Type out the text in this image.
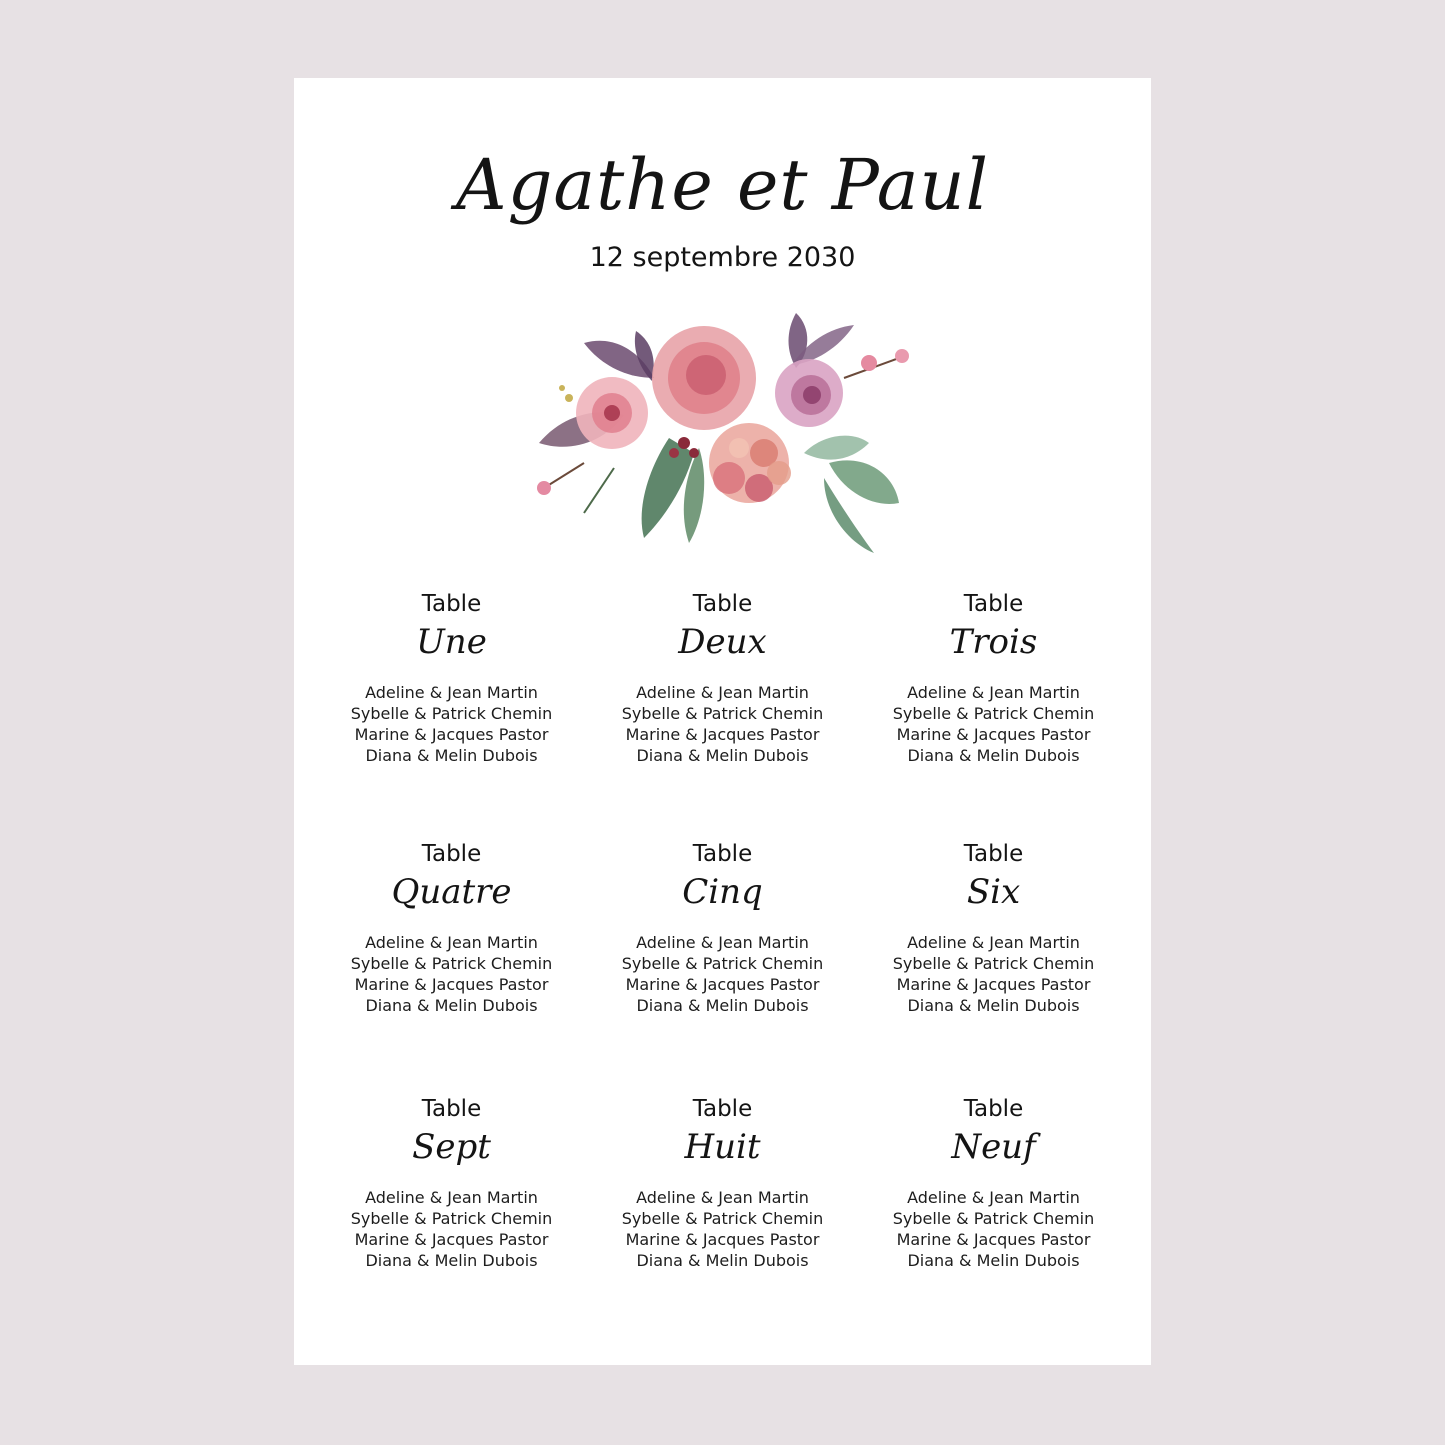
Agathe et Paul
12 septembre 2030
Table
Une
Adeline & Jean Martin
Sybelle & Patrick Chemin
Marine & Jacques Pastor
Diana & Melin Dubois
Table
Deux
Adeline & Jean Martin
Sybelle & Patrick Chemin
Marine & Jacques Pastor
Diana & Melin Dubois
Table
Trois
Adeline & Jean Martin
Sybelle & Patrick Chemin
Marine & Jacques Pastor
Diana & Melin Dubois
Table
Quatre
Adeline & Jean Martin
Sybelle & Patrick Chemin
Marine & Jacques Pastor
Diana & Melin Dubois
Table
Cinq
Adeline & Jean Martin
Sybelle & Patrick Chemin
Marine & Jacques Pastor
Diana & Melin Dubois
Table
Six
Adeline & Jean Martin
Sybelle & Patrick Chemin
Marine & Jacques Pastor
Diana & Melin Dubois
Table
Sept
Adeline & Jean Martin
Sybelle & Patrick Chemin
Marine & Jacques Pastor
Diana & Melin Dubois
Table
Huit
Adeline & Jean Martin
Sybelle & Patrick Chemin
Marine & Jacques Pastor
Diana & Melin Dubois
Table
Neuf
Adeline & Jean Martin
Sybelle & Patrick Chemin
Marine & Jacques Pastor
Diana & Melin Dubois
